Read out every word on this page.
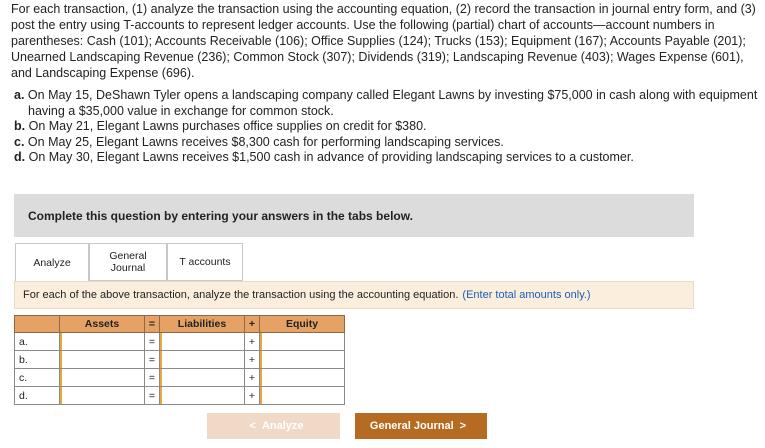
For each transaction, (1) analyze the transaction using the accounting equation, (2) record the transaction in journal entry form, and (3) post the entry using T-accounts to represent ledger accounts. Use the following (partial) chart of accounts—account numbers in parentheses: Cash (101); Accounts Receivable (106); Office Supplies (124); Trucks (153); Equipment (167); Accounts Payable (201); Unearned Landscaping Revenue (236); Common Stock (307); Dividends (319); Landscaping Revenue (403); Wages Expense (601), and Landscaping Expense (696).

a. On May 15, DeShawn Tyler opens a landscaping company called Elegant Lawns by investing $75,000 in cash along with equipment having a $35,000 value in exchange for common stock.
b. On May 21, Elegant Lawns purchases office supplies on credit for $380.
c. On May 25, Elegant Lawns receives $8,300 cash for performing landscaping services.
d. On May 30, Elegant Lawns receives $1,500 cash in advance of providing landscaping services to a customer.
Complete this question by entering your answers in the tabs below.
Analyze
General
Journal	T accounts
For each of the above transaction, analyze the transaction using the accounting equation. (Enter total amounts only.)
	Assets	=	Liabilities	+	Equity
a.		=		+	
b.		=		+	
c.		=		+	
d.		=		+	
< Analyze	General Journal >
